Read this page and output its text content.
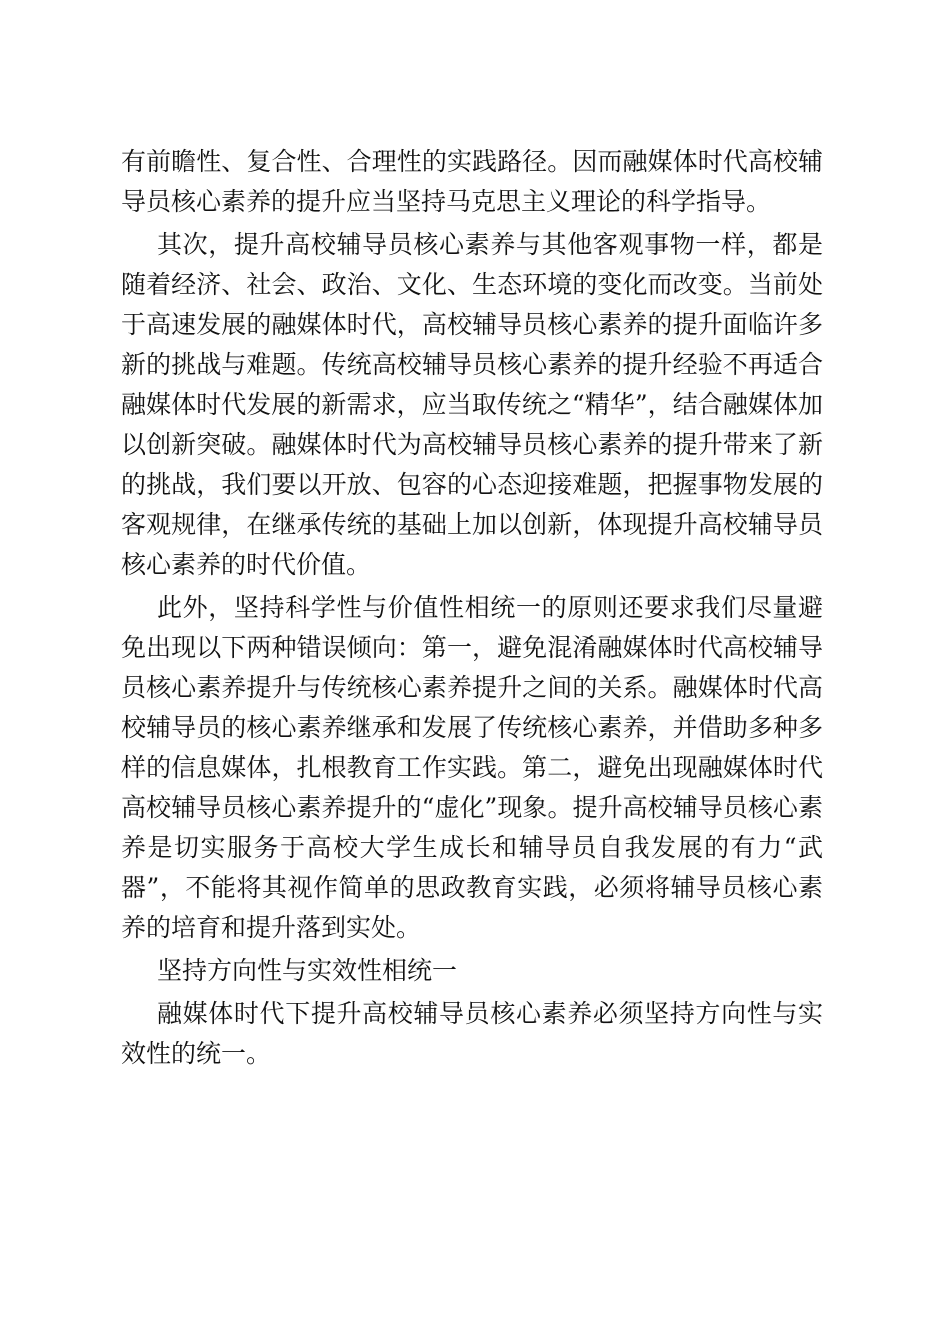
有前瞻性、复合性、合理性的实践路径。因而融媒体时代高校辅导员核心素养的提升应当坚持马克思主义理论的科学指导。

其次，提升高校辅导员核心素养与其他客观事物一样，都是随着经济、社会、政治、文化、生态环境的变化而改变。当前处于高速发展的融媒体时代，高校辅导员核心素养的提升面临许多新的挑战与难题。传统高校辅导员核心素养的提升经验不再适合融媒体时代发展的新需求，应当取传统之“精华”，结合融媒体加以创新突破。融媒体时代为高校辅导员核心素养的提升带来了新的挑战，我们要以开放、包容的心态迎接难题，把握事物发展的客观规律，在继承传统的基础上加以创新，体现提升高校辅导员核心素养的时代价值。

此外，坚持科学性与价值性相统一的原则还要求我们尽量避免出现以下两种错误倾向：第一，避免混淆融媒体时代高校辅导员核心素养提升与传统核心素养提升之间的关系。融媒体时代高校辅导员的核心素养继承和发展了传统核心素养，并借助多种多样的信息媒体，扎根教育工作实践。第二，避免出现融媒体时代高校辅导员核心素养提升的“虚化”现象。提升高校辅导员核心素养是切实服务于高校大学生成长和辅导员自我发展的有力“武器”，不能将其视作简单的思政教育实践，必须将辅导员核心素养的培育和提升落到实处。

坚持方向性与实效性相统一

融媒体时代下提升高校辅导员核心素养必须坚持方向性与实效性的统一。
